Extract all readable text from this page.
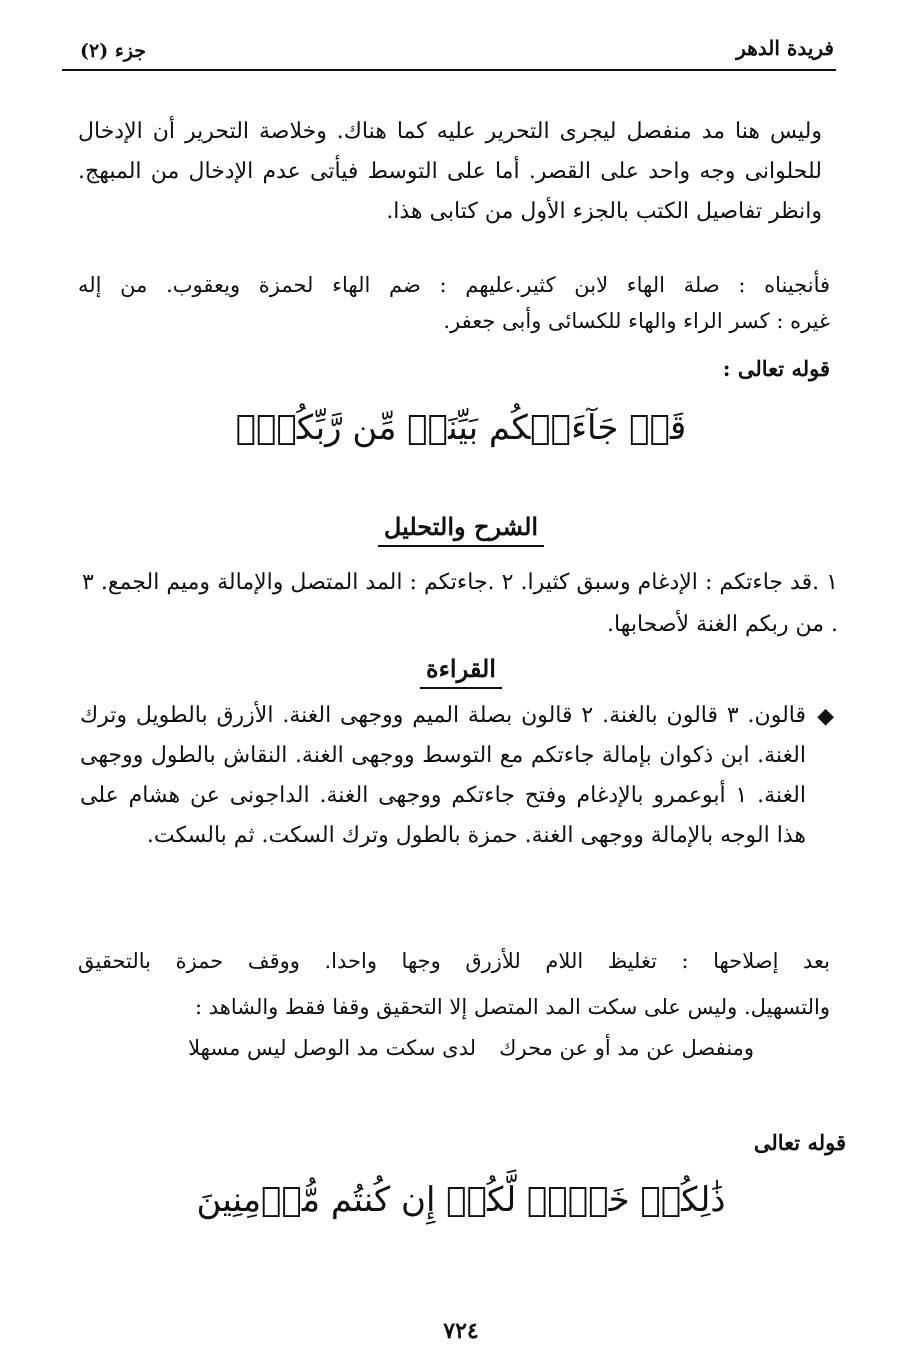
جزء (٢)	فريدة الدهر
وليس هنا مد منفصل ليجرى التحرير عليه كما هناك. وخلاصة التحرير أن الإدخال للحلوانى وجه واحد على القصر. أما على التوسط فيأتى عدم الإدخال من المبهج. وانظر تفاصيل الكتب بالجزء الأول من كتابى هذا.
فأنجيناه : صلة الهاء لابن كثير.عليهم : ضم الهاء لحمزة ويعقوب. من إله
غيره : كسر الراء والهاء للكسائى وأبى جعفر.
قوله تعالى :
قَدۡ جَآءَتۡكُم بَيِّنَةٞ مِّن رَّبِّكُمۡۖ
الشرح والتحليل
١ .قد جاءتكم : الإدغام وسبق كثيرا. ٢ .جاءتكم : المد المتصل والإمالة وميم الجمع. ٣ . من ربكم الغنة لأصحابها.
القراءة
◆
قالون. ٣ قالون بالغنة. ٢ قالون بصلة الميم ووجهى الغنة. الأزرق بالطويل وترك الغنة. ابن ذكوان بإمالة جاءتكم مع التوسط ووجهى الغنة. النقاش بالطول ووجهى الغنة. ١ أبوعمرو بالإدغام وفتح جاءتكم ووجهى الغنة. الداجونى عن هشام على هذا الوجه بالإمالة ووجهى الغنة. حمزة بالطول وترك السكت. ثم بالسكت.
بعد إصلاحها : تغليظ اللام للأزرق وجها واحدا. ووقف حمزة بالتحقيق
والتسهيل. وليس على سكت المد المتصل إلا التحقيق وقفا فقط والشاهد :
ومنفصل عن مد أو عن محرك
لدى سكت مد الوصل ليس مسهلا
قوله تعالى
ذَٰلِكُمۡ خَيۡرٞ لَّكُمۡ إِن كُنتُم مُّؤۡمِنِينَ
٧٢٤
